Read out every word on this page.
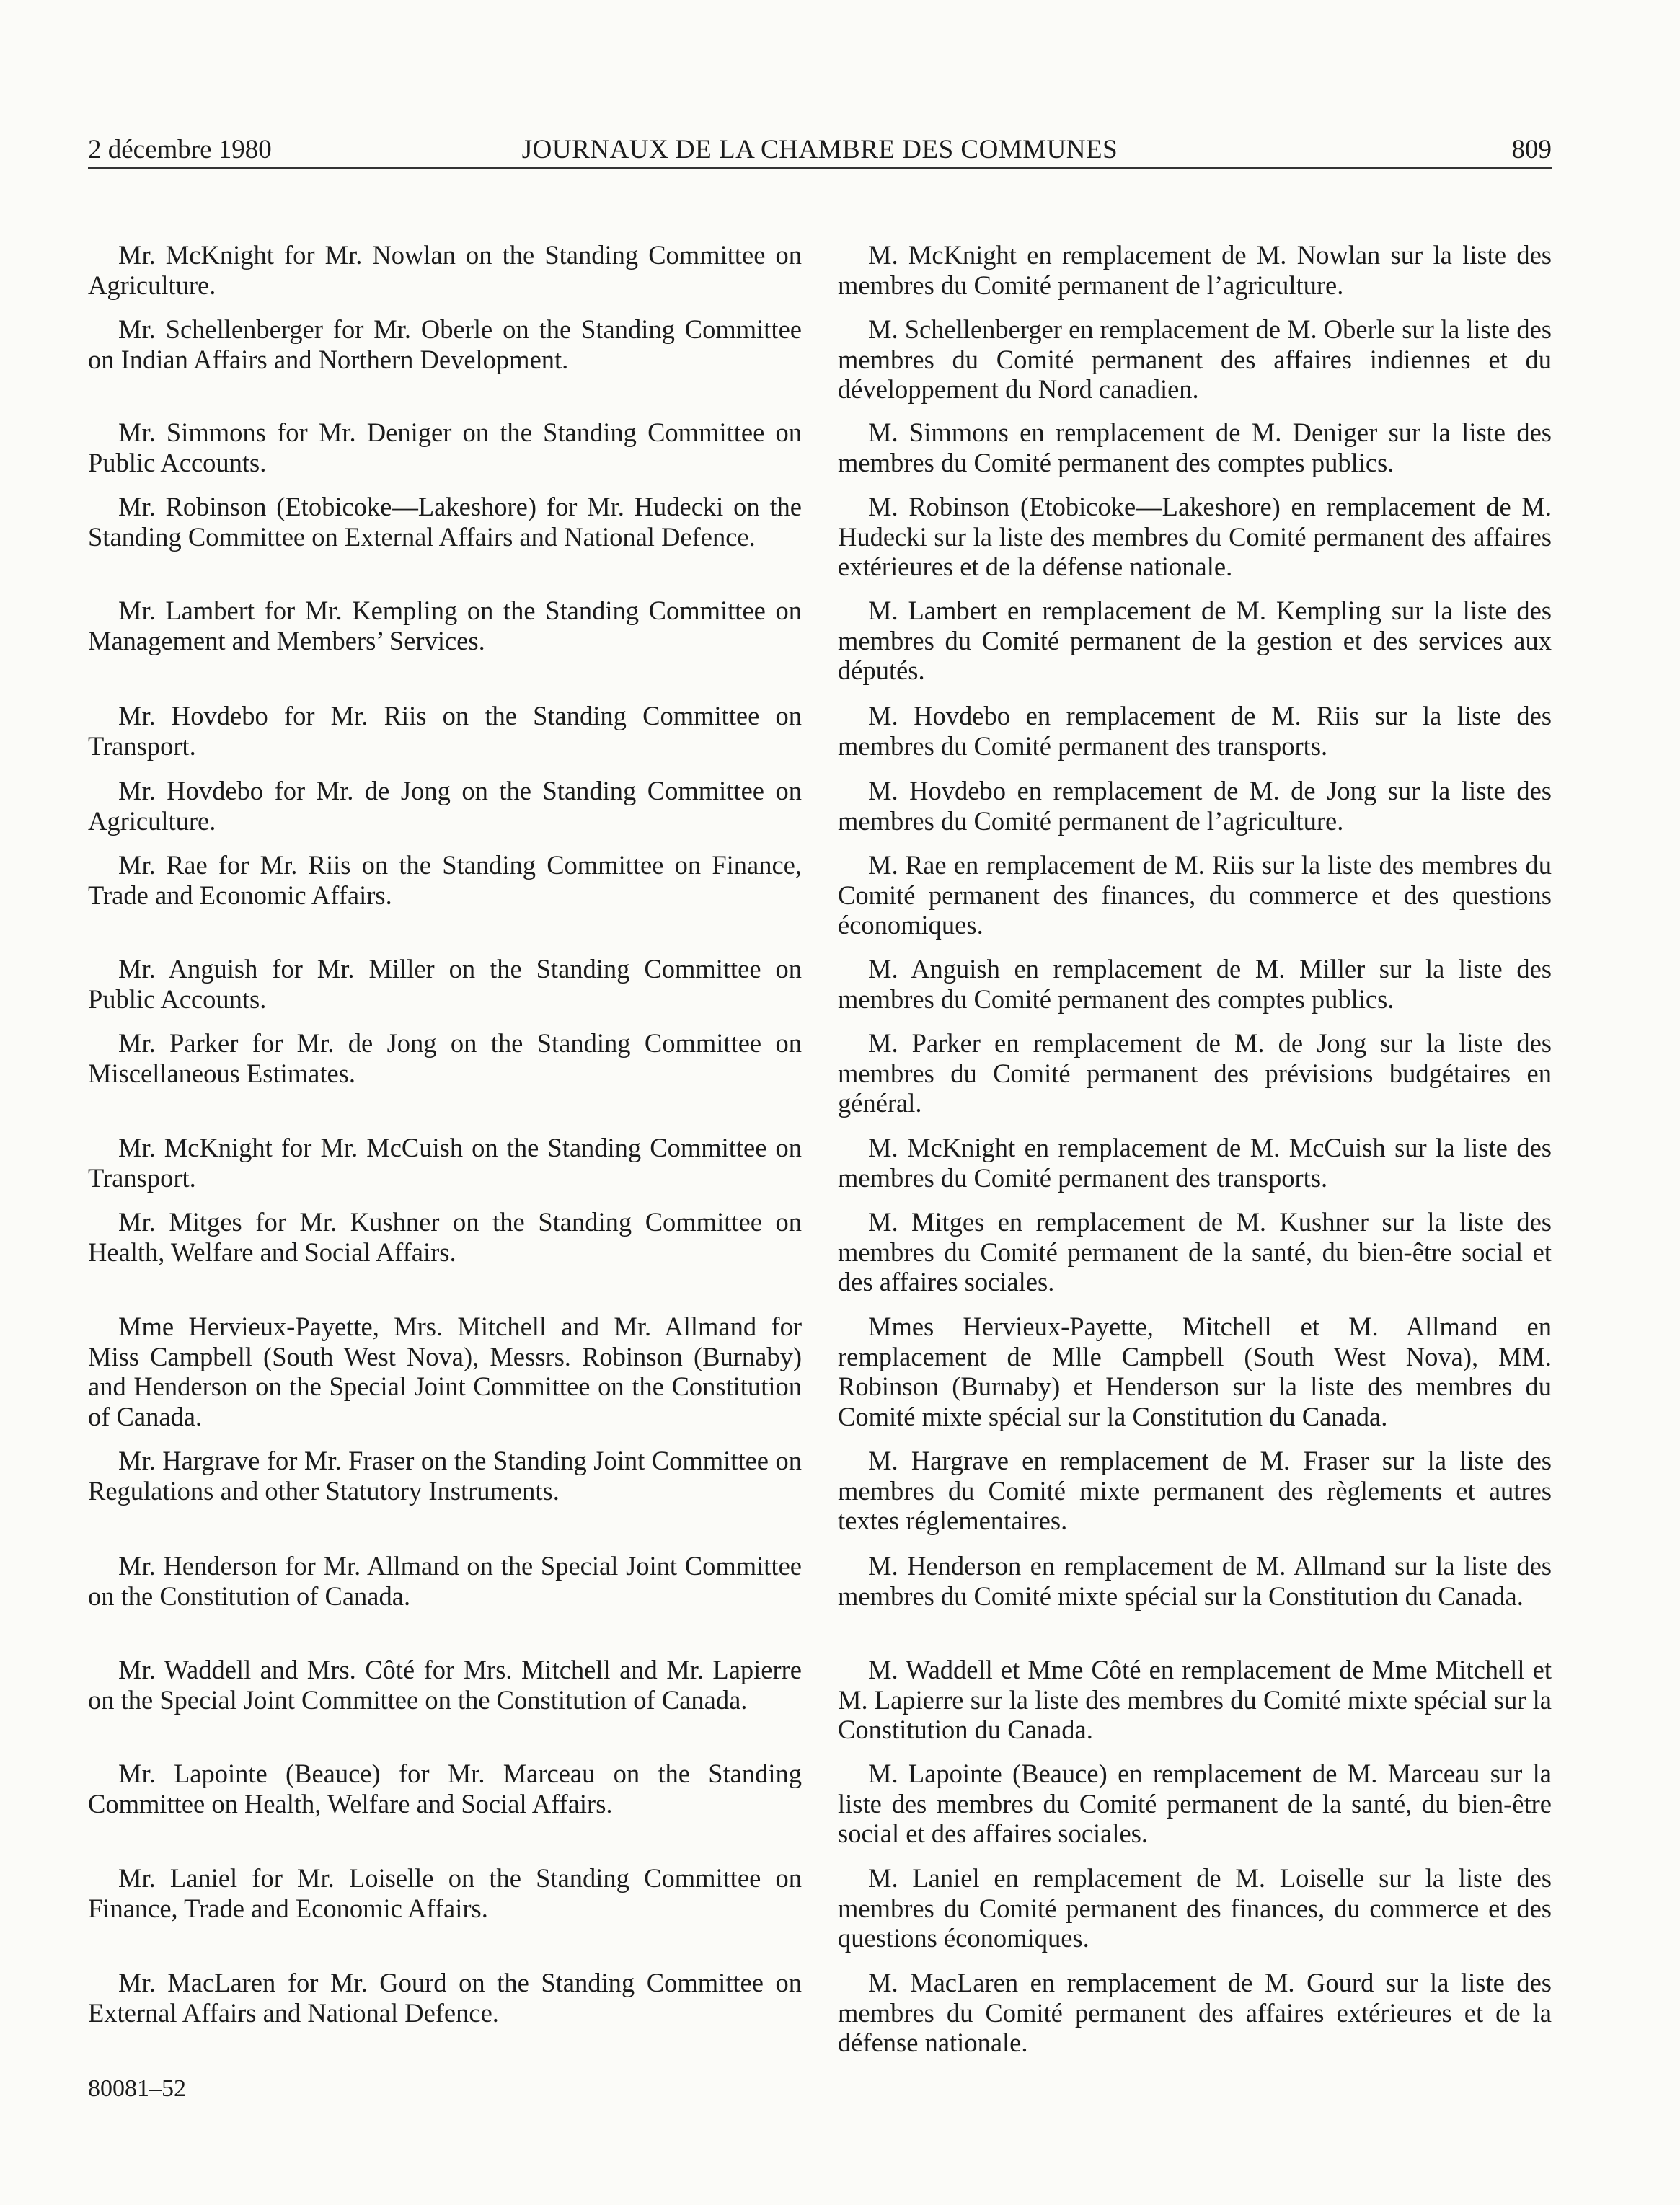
2 décembre 1980	JOURNAUX DE LA CHAMBRE DES COMMUNES	809

Mr. McKnight for Mr. Nowlan on the Standing Committee on Agriculture.

Mr. Schellenberger for Mr. Oberle on the Standing Committee on Indian Affairs and Northern Development.

Mr. Simmons for Mr. Deniger on the Standing Committee on Public Accounts.

Mr. Robinson (Etobicoke—Lakeshore) for Mr. Hudecki on the Standing Committee on External Affairs and National Defence.

Mr. Lambert for Mr. Kempling on the Standing Committee on Management and Members’ Services.

Mr. Hovdebo for Mr. Riis on the Standing Committee on Transport.

Mr. Hovdebo for Mr. de Jong on the Standing Committee on Agriculture.

Mr. Rae for Mr. Riis on the Standing Committee on Finance, Trade and Economic Affairs.

Mr. Anguish for Mr. Miller on the Standing Committee on Public Accounts.

Mr. Parker for Mr. de Jong on the Standing Committee on Miscellaneous Estimates.

Mr. McKnight for Mr. McCuish on the Standing Committee on Transport.

Mr. Mitges for Mr. Kushner on the Standing Committee on Health, Welfare and Social Affairs.

Mme Hervieux-Payette, Mrs. Mitchell and Mr. Allmand for Miss Campbell (South West Nova), Messrs. Robinson (Burnaby) and Henderson on the Special Joint Committee on the Constitution of Canada.

Mr. Hargrave for Mr. Fraser on the Standing Joint Committee on Regulations and other Statutory Instruments.

Mr. Henderson for Mr. Allmand on the Special Joint Committee on the Constitution of Canada.

Mr. Waddell and Mrs. Côté for Mrs. Mitchell and Mr. Lapierre on the Special Joint Committee on the Constitution of Canada.

Mr. Lapointe (Beauce) for Mr. Marceau on the Standing Committee on Health, Welfare and Social Affairs.

Mr. Laniel for Mr. Loiselle on the Standing Committee on Finance, Trade and Economic Affairs.

Mr. MacLaren for Mr. Gourd on the Standing Committee on External Affairs and National Defence.

M. McKnight en remplacement de M. Nowlan sur la liste des membres du Comité permanent de l’agriculture.

M. Schellenberger en remplacement de M. Oberle sur la liste des membres du Comité permanent des affaires indiennes et du développement du Nord canadien.

M. Simmons en remplacement de M. Deniger sur la liste des membres du Comité permanent des comptes publics.

M. Robinson (Etobicoke—Lakeshore) en remplacement de M. Hudecki sur la liste des membres du Comité permanent des affaires extérieures et de la défense nationale.

M. Lambert en remplacement de M. Kempling sur la liste des membres du Comité permanent de la gestion et des services aux députés.

M. Hovdebo en remplacement de M. Riis sur la liste des membres du Comité permanent des transports.

M. Hovdebo en remplacement de M. de Jong sur la liste des membres du Comité permanent de l’agriculture.

M. Rae en remplacement de M. Riis sur la liste des membres du Comité permanent des finances, du commerce et des questions économiques.

M. Anguish en remplacement de M. Miller sur la liste des membres du Comité permanent des comptes publics.

M. Parker en remplacement de M. de Jong sur la liste des membres du Comité permanent des prévisions budgétaires en général.

M. McKnight en remplacement de M. McCuish sur la liste des membres du Comité permanent des transports.

M. Mitges en remplacement de M. Kushner sur la liste des membres du Comité permanent de la santé, du bien-être social et des affaires sociales.

Mmes Hervieux-Payette, Mitchell et M. Allmand en remplacement de Mlle Campbell (South West Nova), MM. Robinson (Burnaby) et Henderson sur la liste des membres du Comité mixte spécial sur la Constitution du Canada.

M. Hargrave en remplacement de M. Fraser sur la liste des membres du Comité mixte permanent des règlements et autres textes réglementaires.

M. Henderson en remplacement de M. Allmand sur la liste des membres du Comité mixte spécial sur la Constitution du Canada.

M. Waddell et Mme Côté en remplacement de Mme Mitchell et M. Lapierre sur la liste des membres du Comité mixte spécial sur la Constitution du Canada.

M. Lapointe (Beauce) en remplacement de M. Marceau sur la liste des membres du Comité permanent de la santé, du bien-être social et des affaires sociales.

M. Laniel en remplacement de M. Loiselle sur la liste des membres du Comité permanent des finances, du commerce et des questions économiques.

M. MacLaren en remplacement de M. Gourd sur la liste des membres du Comité permanent des affaires extérieures et de la défense nationale.

80081–52
